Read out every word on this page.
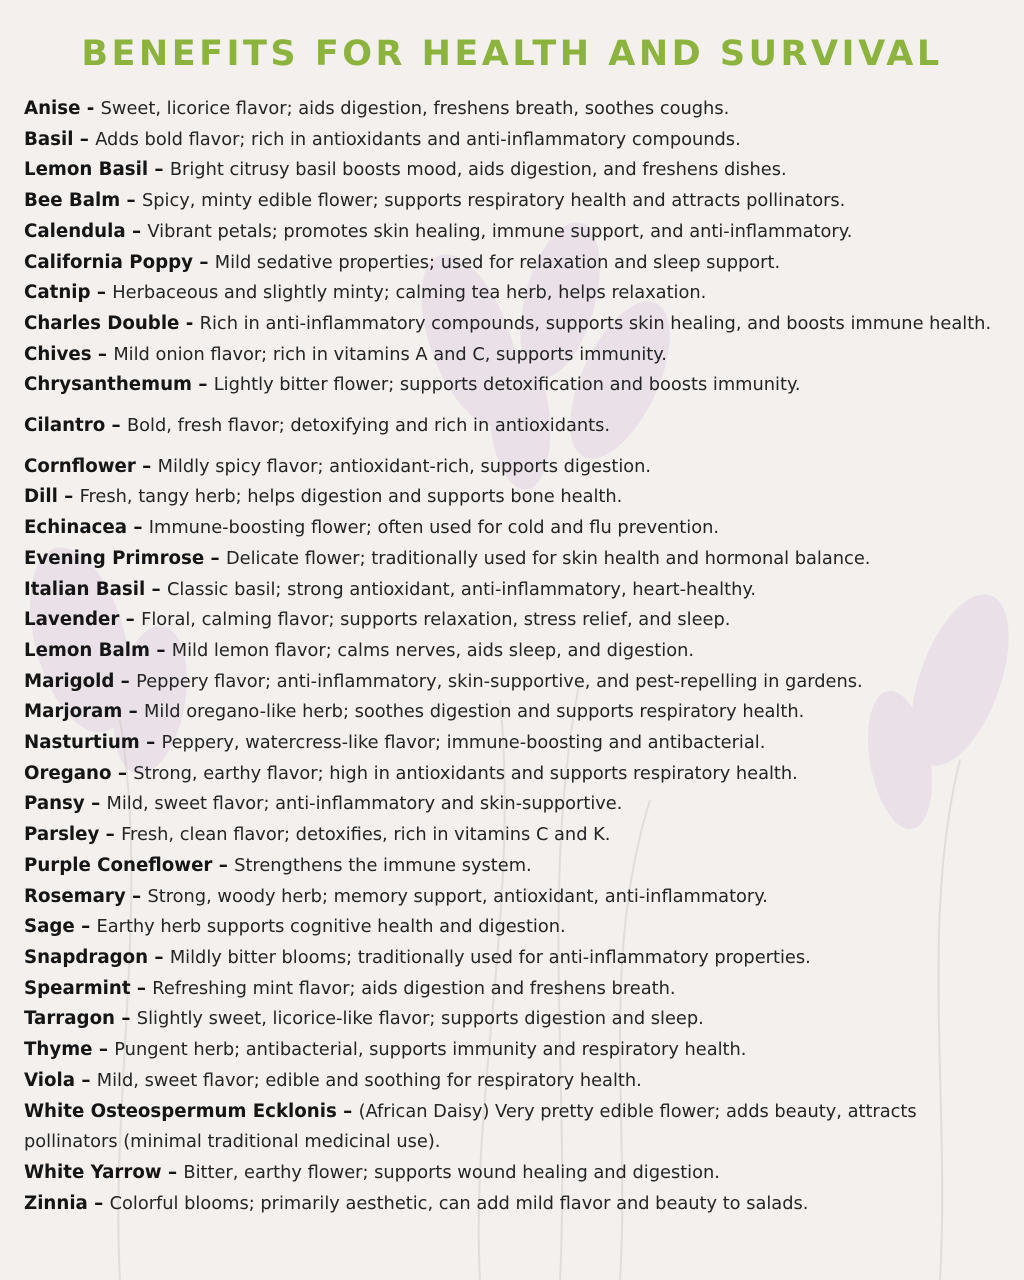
BENEFITS FOR HEALTH AND SURVIVAL
Anise - Sweet, licorice flavor; aids digestion, freshens breath, soothes coughs.
Basil – Adds bold flavor; rich in antioxidants and anti-inflammatory compounds.
Lemon Basil – Bright citrusy basil boosts mood, aids digestion, and freshens dishes.
Bee Balm – Spicy, minty edible flower; supports respiratory health and attracts pollinators.
Calendula – Vibrant petals; promotes skin healing, immune support, and anti-inflammatory.
California Poppy – Mild sedative properties; used for relaxation and sleep support.
Catnip – Herbaceous and slightly minty; calming tea herb, helps relaxation.
Charles Double - Rich in anti-inflammatory compounds, supports skin healing, and boosts immune health.
Chives – Mild onion flavor; rich in vitamins A and C, supports immunity.
Chrysanthemum – Lightly bitter flower; supports detoxification and boosts immunity.
Cilantro – Bold, fresh flavor; detoxifying and rich in antioxidants.
Cornflower – Mildly spicy flavor; antioxidant-rich, supports digestion.
Dill – Fresh, tangy herb; helps digestion and supports bone health.
Echinacea – Immune-boosting flower; often used for cold and flu prevention.
Evening Primrose – Delicate flower; traditionally used for skin health and hormonal balance.
Italian Basil – Classic basil; strong antioxidant, anti-inflammatory, heart-healthy.
Lavender – Floral, calming flavor; supports relaxation, stress relief, and sleep.
Lemon Balm – Mild lemon flavor; calms nerves, aids sleep, and digestion.
Marigold – Peppery flavor; anti-inflammatory, skin-supportive, and pest-repelling in gardens.
Marjoram – Mild oregano-like herb; soothes digestion and supports respiratory health.
Nasturtium – Peppery, watercress-like flavor; immune-boosting and antibacterial.
Oregano – Strong, earthy flavor; high in antioxidants and supports respiratory health.
Pansy – Mild, sweet flavor; anti-inflammatory and skin-supportive.
Parsley – Fresh, clean flavor; detoxifies, rich in vitamins C and K.
Purple Coneflower – Strengthens the immune system.
Rosemary – Strong, woody herb; memory support, antioxidant, anti-inflammatory.
Sage – Earthy herb supports cognitive health and digestion.
Snapdragon – Mildly bitter blooms; traditionally used for anti-inflammatory properties.
Spearmint – Refreshing mint flavor; aids digestion and freshens breath.
Tarragon – Slightly sweet, licorice-like flavor; supports digestion and sleep.
Thyme – Pungent herb; antibacterial, supports immunity and respiratory health.
Viola – Mild, sweet flavor; edible and soothing for respiratory health.
White Osteospermum Ecklonis – (African Daisy) Very pretty edible flower; adds beauty, attracts pollinators (minimal traditional medicinal use).
White Yarrow – Bitter, earthy flower; supports wound healing and digestion.
Zinnia – Colorful blooms; primarily aesthetic, can add mild flavor and beauty to salads.
